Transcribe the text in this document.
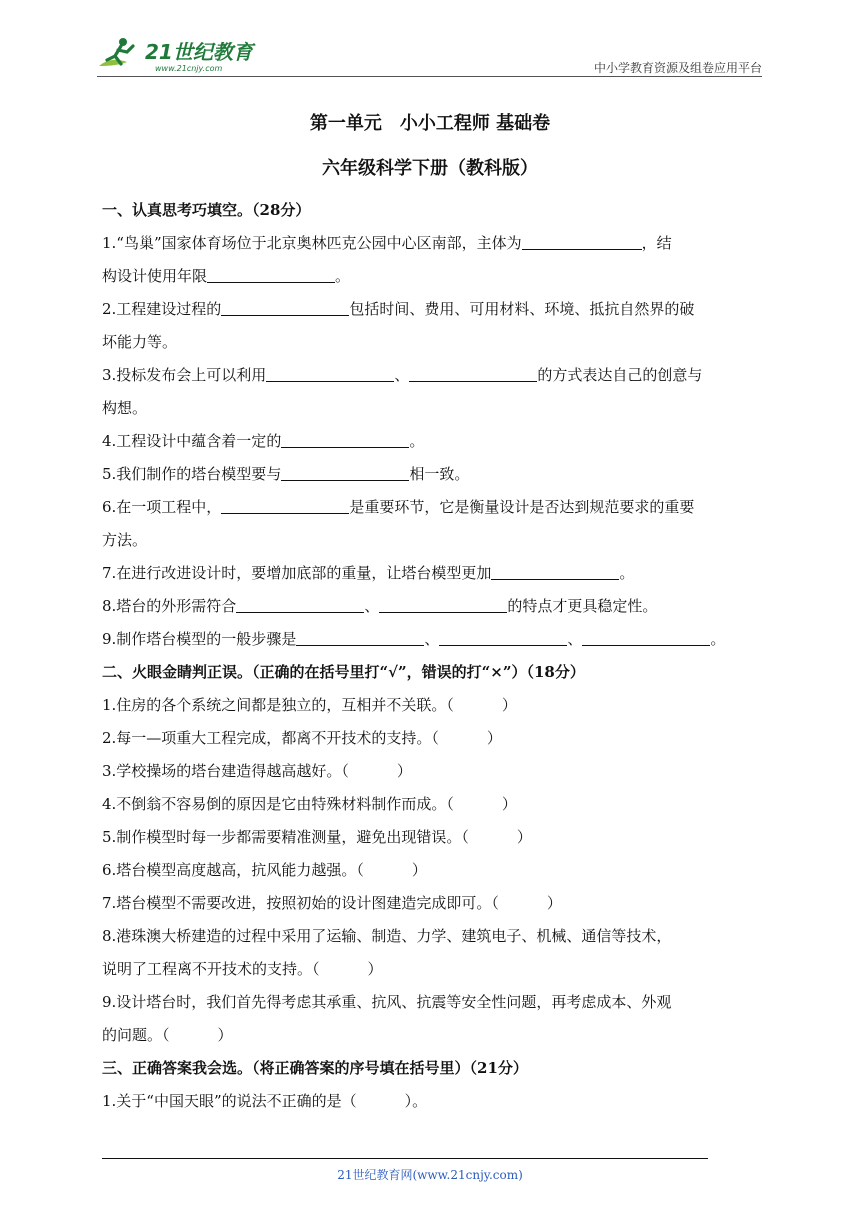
21世纪教育
www.21cnjy.com	中小学教育资源及组卷应用平台
第一单元　小小工程师 基础卷
六年级科学下册（教科版）
一、认真思考巧填空。（28分）
1.“鸟巢”国家体育场位于北京奥林匹克公园中心区南部，主体为	，结
构设计使用年限	。
2.工程建设过程的	包括时间、费用、可用材料、环境、抵抗自然界的破
坏能力等。
3.投标发布会上可以利用	、	的方式表达自己的创意与
构想。
4.工程设计中蕴含着一定的	。
5.我们制作的塔台模型要与	相一致。
6.在一项工程中，	是重要环节，它是衡量设计是否达到规范要求的重要
方法。
7.在进行改进设计时，要增加底部的重量，让塔台模型更加	。
8.塔台的外形需符合	、	的特点才更具稳定性。
9.制作塔台模型的一般步骤是	、	、	。
二、火眼金睛判正误。（正确的在括号里打“√”，错误的打“×”）（18分）
1.住房的各个系统之间都是独立的，互相并不关联。（	）
2.每一—项重大工程完成，都离不开技术的支持。（	）
3.学校操场的塔台建造得越高越好。（	）
4.不倒翁不容易倒的原因是它由特殊材料制作而成。（	）
5.制作模型时每一步都需要精准测量，避免出现错误。（	）
6.塔台模型高度越高，抗风能力越强。（	）
7.塔台模型不需要改进，按照初始的设计图建造完成即可。（	）
8.港珠澳大桥建造的过程中采用了运输、制造、力学、建筑电子、机械、通信等技术，
说明了工程离不开技术的支持。（	）
9.设计塔台时，我们首先得考虑其承重、抗风、抗震等安全性问题，再考虑成本、外观
的问题。（	）
三、正确答案我会选。（将正确答案的序号填在括号里）（21分）
1.关于“中国天眼”的说法不正确的是（	）。
21世纪教育网(www.21cnjy.com)
